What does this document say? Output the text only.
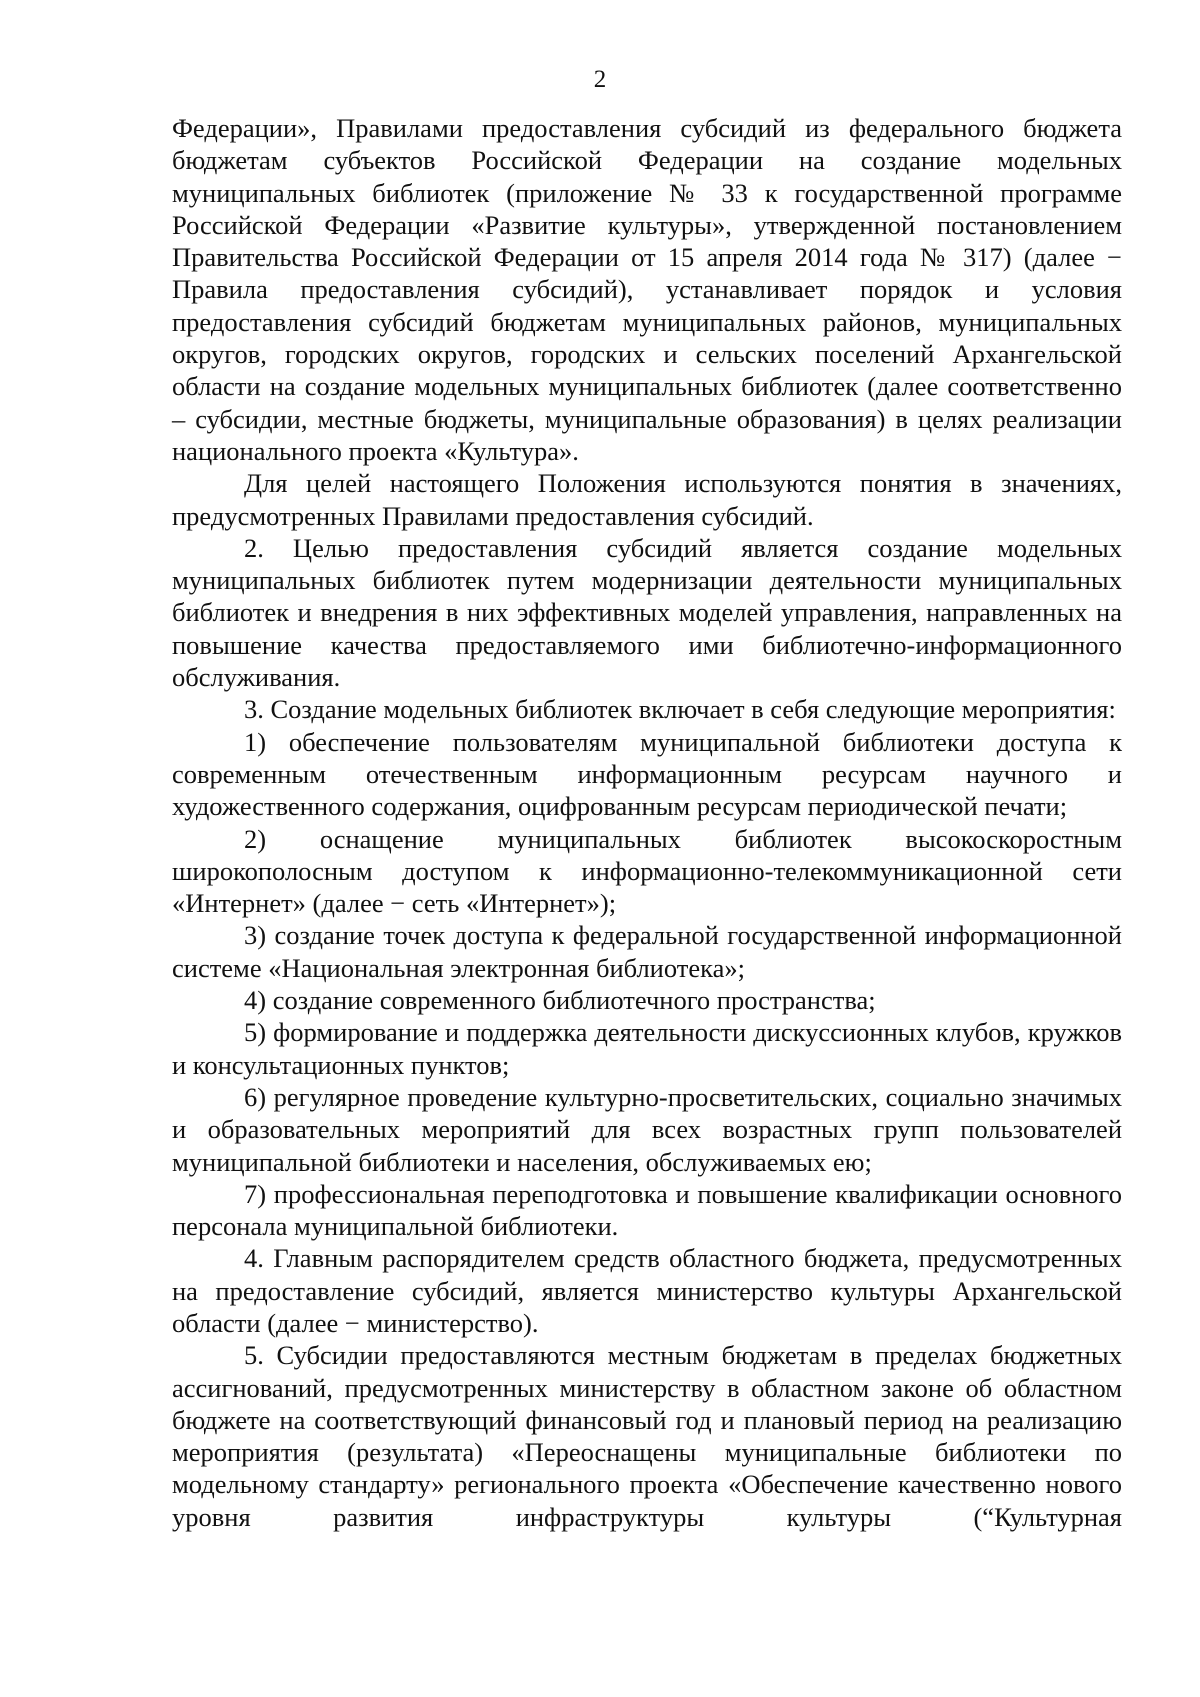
2

Федерации», Правилами предоставления субсидий из федерального бюджета бюджетам субъектов Российской Федерации на создание модельных муниципальных библиотек (приложение № 33 к государственной программе Российской Федерации «Развитие культуры», утвержденной постановлением Правительства Российской Федерации от 15 апреля 2014 года № 317) (далее − Правила предоставления субсидий), устанавливает порядок и условия предоставления субсидий бюджетам муниципальных районов, муниципальных округов, городских округов, городских и сельских поселений Архангельской области на создание модельных муниципальных библиотек (далее соответственно – субсидии, местные бюджеты, муниципальные образования) в целях реализации национального проекта «Культура».

Для целей настоящего Положения используются понятия в значениях, предусмотренных Правилами предоставления субсидий.

2. Целью предоставления субсидий является создание модельных муниципальных библиотек путем модернизации деятельности муниципальных библиотек и внедрения в них эффективных моделей управления, направленных на повышение качества предоставляемого ими библиотечно-информационного обслуживания.

3. Создание модельных библиотек включает в себя следующие мероприятия:

1) обеспечение пользователям муниципальной библиотеки доступа к современным отечественным информационным ресурсам научного и художественного содержания, оцифрованным ресурсам периодической печати;

2) оснащение муниципальных библиотек высокоскоростным широкополосным доступом к информационно-телекоммуникационной сети «Интернет» (далее − сеть «Интернет»);

3) создание точек доступа к федеральной государственной информационной системе «Национальная электронная библиотека»;

4) создание современного библиотечного пространства;

5) формирование и поддержка деятельности дискуссионных клубов, кружков и консультационных пунктов;

6) регулярное проведение культурно-просветительских, социально значимых и образовательных мероприятий для всех возрастных групп пользователей муниципальной библиотеки и населения, обслуживаемых ею;

7) профессиональная переподготовка и повышение квалификации основного персонала муниципальной библиотеки.

4. Главным распорядителем средств областного бюджета, предусмотренных на предоставление субсидий, является министерство культуры Архангельской области (далее − министерство).

5. Субсидии предоставляются местным бюджетам в пределах бюджетных ассигнований, предусмотренных министерству в областном законе об областном бюджете на соответствующий финансовый год и плановый период на реализацию мероприятия (результата) «Переоснащены муниципальные библиотеки по модельному стандарту» регионального проекта «Обеспечение качественно нового уровня развития инфраструктуры культуры (“Культурная
